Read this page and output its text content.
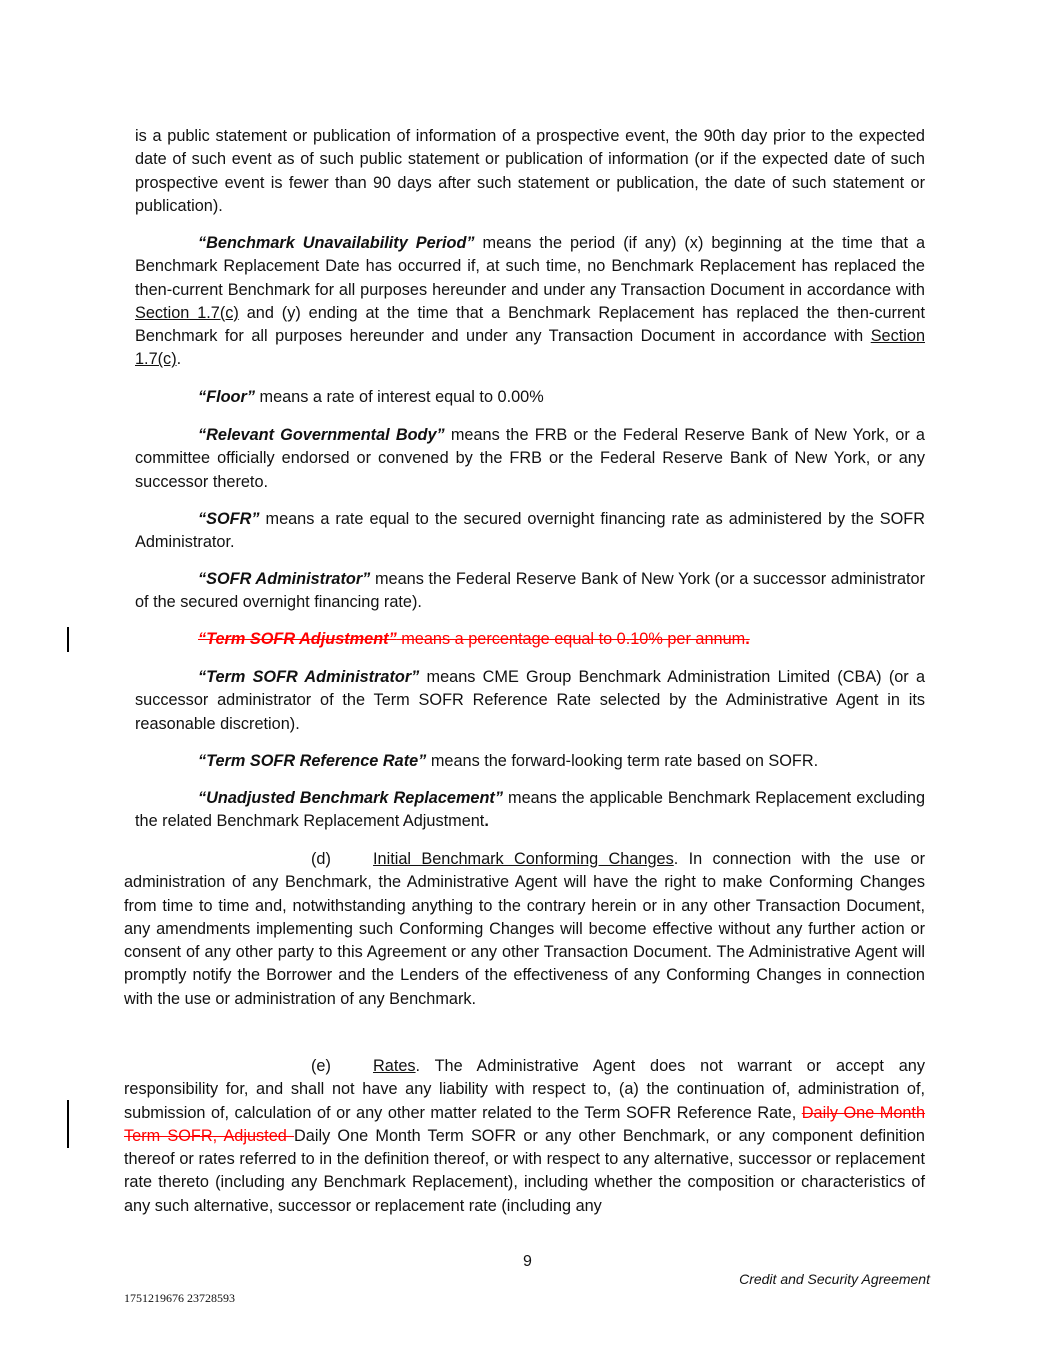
is a public statement or publication of information of a prospective event, the 90th day prior to the expected date of such event as of such public statement or publication of information (or if the expected date of such prospective event is fewer than 90 days after such statement or publication, the date of such statement or publication).

“Benchmark Unavailability Period” means the period (if any) (x) beginning at the time that a Benchmark Replacement Date has occurred if, at such time, no Benchmark Replacement has replaced the then-current Benchmark for all purposes hereunder and under any Transaction Document in accordance with Section 1.7(c) and (y) ending at the time that a Benchmark Replacement has replaced the then-current Benchmark for all purposes hereunder and under any Transaction Document in accordance with Section 1.7(c).

“Floor” means a rate of interest equal to 0.00%

“Relevant Governmental Body” means the FRB or the Federal Reserve Bank of New York, or a committee officially endorsed or convened by the FRB or the Federal Reserve Bank of New York, or any successor thereto.

“SOFR” means a rate equal to the secured overnight financing rate as administered by the SOFR Administrator.

“SOFR Administrator” means the Federal Reserve Bank of New York (or a successor administrator of the secured overnight financing rate).

“Term SOFR Adjustment” means a percentage equal to 0.10% per annum.

“Term SOFR Administrator” means CME Group Benchmark Administration Limited (CBA) (or a successor administrator of the Term SOFR Reference Rate selected by the Administrative Agent in its reasonable discretion).

“Term SOFR Reference Rate” means the forward-looking term rate based on SOFR.

“Unadjusted Benchmark Replacement” means the applicable Benchmark Replacement excluding the related Benchmark Replacement Adjustment.

(d)	Initial Benchmark Conforming Changes. In connection with the use or administration of any Benchmark, the Administrative Agent will have the right to make Conforming Changes from time to time and, notwithstanding anything to the contrary herein or in any other Transaction Document, any amendments implementing such Conforming Changes will become effective without any further action or consent of any other party to this Agreement or any other Transaction Document. The Administrative Agent will promptly notify the Borrower and the Lenders of the effectiveness of any Conforming Changes in connection with the use or administration of any Benchmark.

(e)	Rates. The Administrative Agent does not warrant or accept any responsibility for, and shall not have any liability with respect to, (a) the continuation of, administration of, submission of, calculation of or any other matter related to the Term SOFR Reference Rate, Daily One Month Term SOFR, Adjusted Daily One Month Term SOFR or any other Benchmark, or any component definition thereof or rates referred to in the definition thereof, or with respect to any alternative, successor or replacement rate thereto (including any Benchmark Replacement), including whether the composition or characteristics of any such alternative, successor or replacement rate (including any

9
Credit and Security Agreement
1751219676 23728593
